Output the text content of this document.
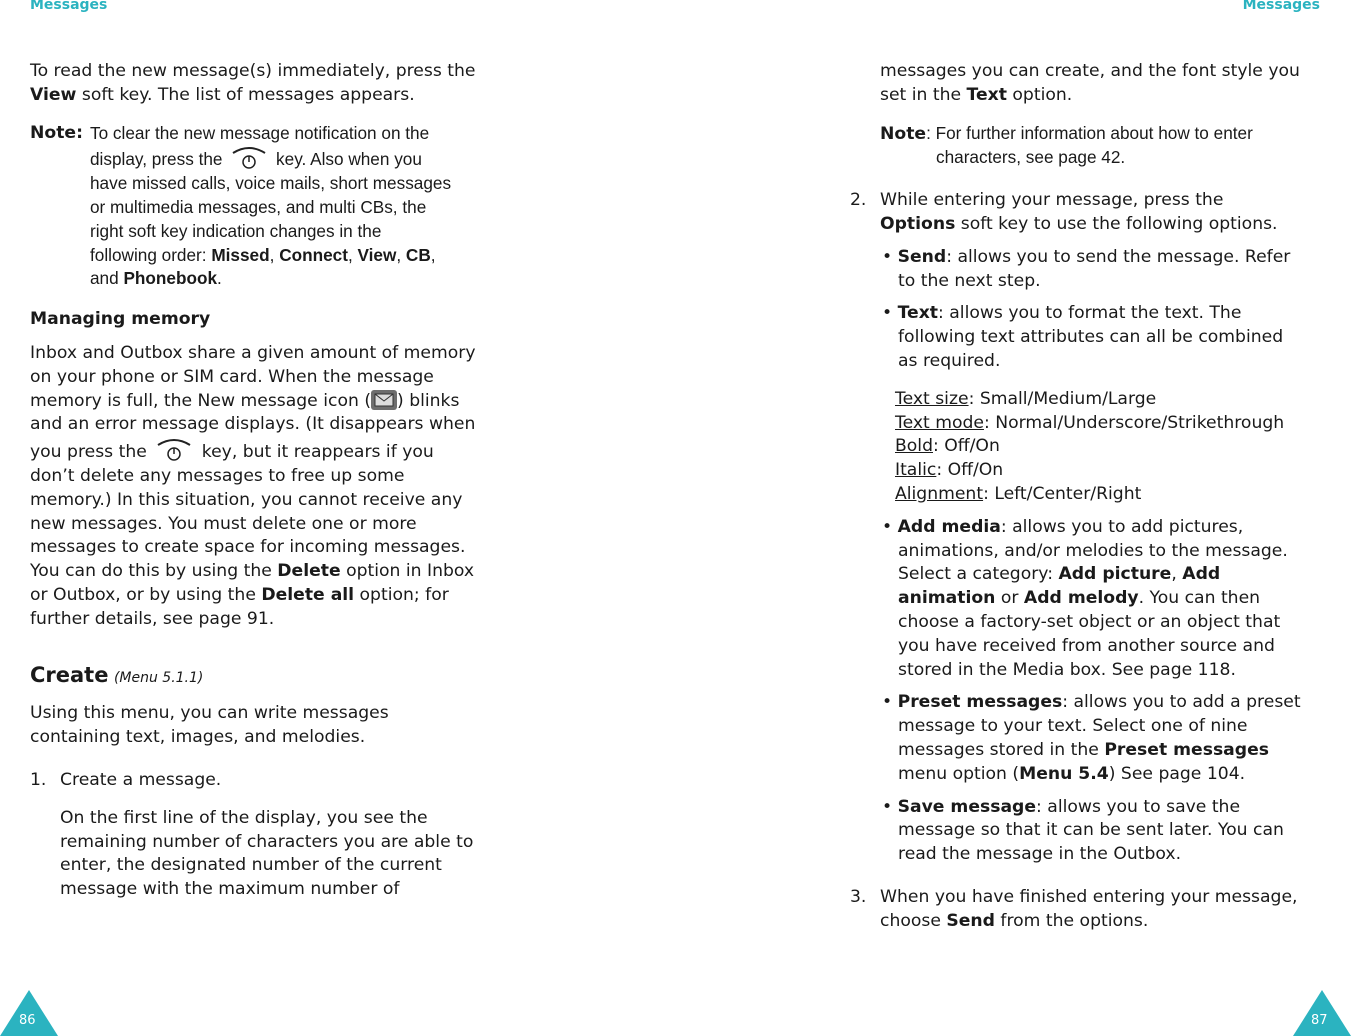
Messages	Messages

To read the new message(s) immediately, press the
View soft key. The list of messages appears.

Note: To clear the new message notification on the
display, press the	key. Also when you
have missed calls, voice mails, short messages
or multimedia messages, and multi CBs, the
right soft key indication changes in the
following order: Missed, Connect, View, CB,
and Phonebook.

Managing memory

Inbox and Outbox share a given amount of memory
on your phone or SIM card. When the message
memory is full, the New message icon ( ) blinks
and an error message displays. (It disappears when
you press the	key, but it reappears if you
don’t delete any messages to free up some
memory.) In this situation, you cannot receive any
new messages. You must delete one or more
messages to create space for incoming messages.
You can do this by using the Delete option in Inbox
or Outbox, or by using the Delete all option; for
further details, see page 91.

Create (Menu 5.1.1)

Using this menu, you can write messages
containing text, images, and melodies.

1. Create a message.

On the first line of the display, you see the
remaining number of characters you are able to
enter, the designated number of the current
message with the maximum number of

messages you can create, and the font style you
set in the Text option.

Note: For further information about how to enter
characters, see page 42.

2. While entering your message, press the
Options soft key to use the following options.

• Send: allows you to send the message. Refer
to the next step.

• Text: allows you to format the text. The
following text attributes can all be combined
as required.

Text size: Small/Medium/Large
Text mode: Normal/Underscore/Strikethrough
Bold: Off/On
Italic: Off/On
Alignment: Left/Center/Right

• Add media: allows you to add pictures,
animations, and/or melodies to the message.
Select a category: Add picture, Add
animation or Add melody. You can then
choose a factory-set object or an object that
you have received from another source and
stored in the Media box. See page 118.

• Preset messages: allows you to add a preset
message to your text. Select one of nine
messages stored in the Preset messages
menu option (Menu 5.4) See page 104.

• Save message: allows you to save the
message so that it can be sent later. You can
read the message in the Outbox.

3. When you have finished entering your message,
choose Send from the options.

86	87
